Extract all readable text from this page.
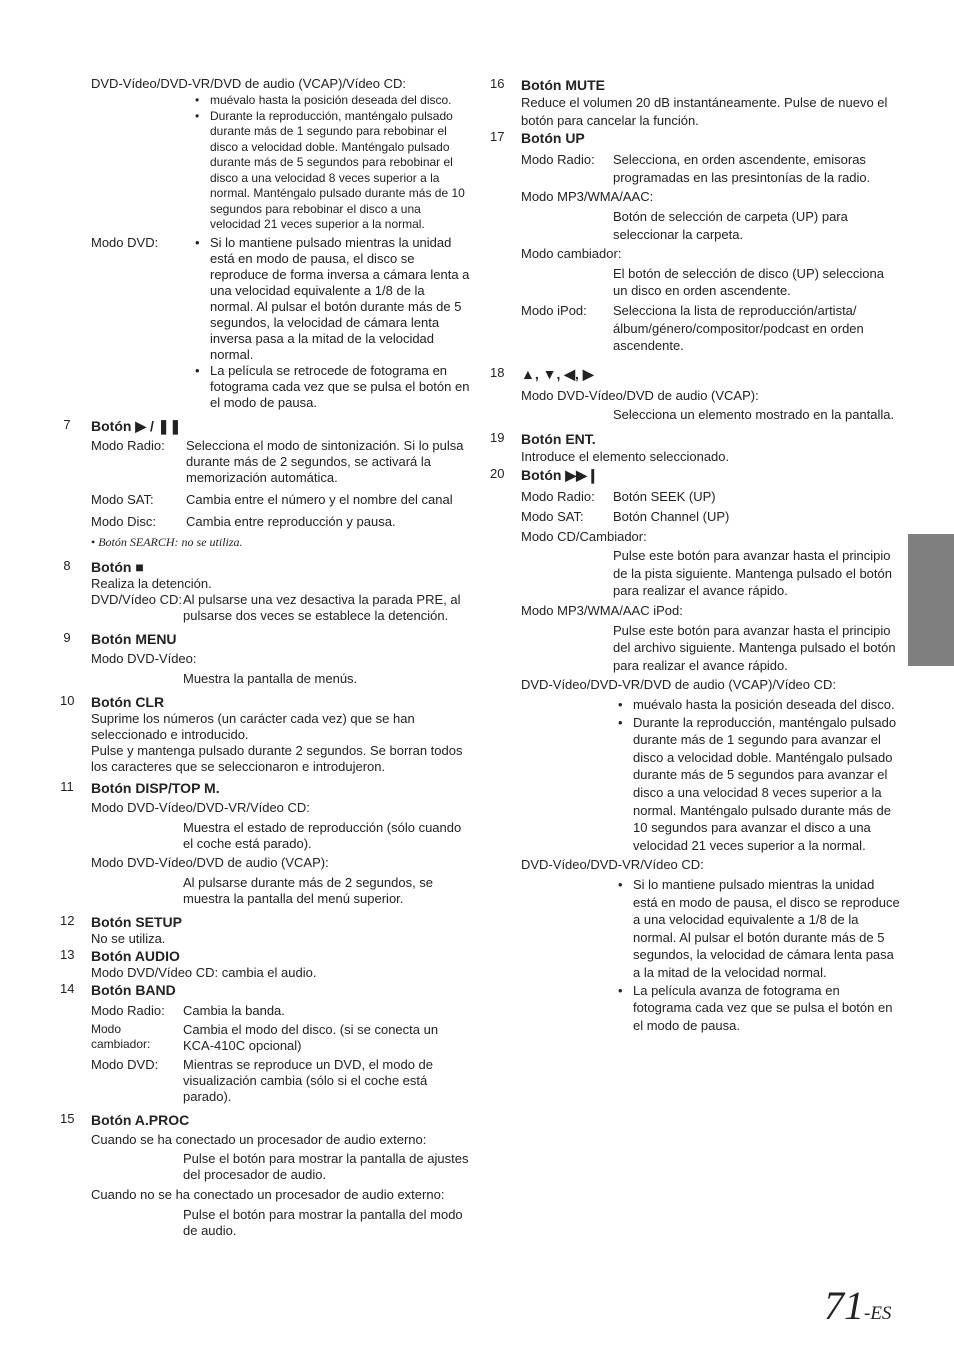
DVD-Vídeo/DVD-VR/DVD de audio (VCAP)/Vídeo CD:
• muévalo hasta la posición deseada del disco.
• Durante la reproducción, manténgalo pulsado durante más de 1 segundo para rebobinar el disco a velocidad doble. Manténgalo pulsado durante más de 5 segundos para rebobinar el disco a una velocidad 8 veces superior a la normal. Manténgalo pulsado durante más de 10 segundos para rebobinar el disco a una velocidad 21 veces superior a la normal.
Modo DVD:
•	Si lo mantiene pulsado mientras la unidad está en modo de pausa, el disco se reproduce de forma inversa a cámara lenta a una velocidad equivalente a 1/8 de la normal. Al pulsar el botón durante más de 5 segundos, la velocidad de cámara lenta inversa pasa a la mitad de la velocidad normal.
• La película se retrocede de fotograma en fotograma cada vez que se pulsa el botón en el modo de pausa.
7 Botón ▶ / ❚❚
Modo Radio:	Selecciona el modo de sintonización. Si lo pulsa durante más de 2 segundos, se activará la memorización automática.
Modo SAT:	Cambia entre el número y el nombre del canal
Modo Disc:	Cambia entre reproducción y pausa.
• Botón SEARCH: no se utiliza.
8 Botón ■
Realiza la detención.
DVD/Vídeo CD: Al pulsarse una vez desactiva la parada PRE, al pulsarse dos veces se establece la detención.
9 Botón MENU
Modo DVD-Vídeo:
Muestra la pantalla de menús.
10 Botón CLR
Suprime los números (un carácter cada vez) que se han seleccionado e introducido.
Pulse y mantenga pulsado durante 2 segundos. Se borran todos los caracteres que se seleccionaron e introdujeron.
11 Botón DISP/TOP M.
Modo DVD-Vídeo/DVD-VR/Vídeo CD:
Muestra el estado de reproducción (sólo cuando el coche está parado).
Modo DVD-Vídeo/DVD de audio (VCAP):
Al pulsarse durante más de 2 segundos, se muestra la pantalla del menú superior.
12 Botón SETUP
No se utiliza.
13 Botón AUDIO
Modo DVD/Vídeo CD: cambia el audio.
14 Botón BAND
Modo Radio:	Cambia la banda.
Modo cambiador:
Cambia el modo del disco. (si se conecta un KCA-410C opcional)
Modo DVD:	Mientras se reproduce un DVD, el modo de visualización cambia (sólo si el coche está parado).
15 Botón A.PROC
Cuando se ha conectado un procesador de audio externo:
Pulse el botón para mostrar la pantalla de ajustes del procesador de audio.
Cuando no se ha conectado un procesador de audio externo:
Pulse el botón para mostrar la pantalla del modo de audio.
16 Botón MUTE
Reduce el volumen 20 dB instantáneamente. Pulse de nuevo el botón para cancelar la función.
17 Botón UP
Modo Radio:	Selecciona, en orden ascendente, emisoras programadas en las presintonías de la radio.
Modo MP3/WMA/AAC:
Botón de selección de carpeta (UP) para seleccionar la carpeta.
Modo cambiador:
El botón de selección de disco (UP) selecciona un disco en orden ascendente.
Modo iPod:	Selecciona la lista de reproducción/artista/álbum/género/compositor/podcast en orden ascendente.
18 ▲, ▼, ◀, ▶
Modo DVD-Vídeo/DVD de audio (VCAP):
Selecciona un elemento mostrado en la pantalla.
19 Botón ENT.
Introduce el elemento seleccionado.
20 Botón ▶▶❙
Modo Radio:	Botón SEEK (UP)
Modo SAT:	Botón Channel (UP)
Modo CD/Cambiador:
Pulse este botón para avanzar hasta el principio de la pista siguiente. Mantenga pulsado el botón para realizar el avance rápido.
Modo MP3/WMA/AAC iPod:
Pulse este botón para avanzar hasta el principio del archivo siguiente. Mantenga pulsado el botón para realizar el avance rápido.
DVD-Vídeo/DVD-VR/DVD de audio (VCAP)/Vídeo CD:
• muévalo hasta la posición deseada del disco.
• Durante la reproducción, manténgalo pulsado durante más de 1 segundo para avanzar el disco a velocidad doble. Manténgalo pulsado durante más de 5 segundos para avanzar el disco a una velocidad 8 veces superior a la normal. Manténgalo pulsado durante más de 10 segundos para avanzar el disco a una velocidad 21 veces superior a la normal.
DVD-Vídeo/DVD-VR/Vídeo CD:
• Si lo mantiene pulsado mientras la unidad está en modo de pausa, el disco se reproduce a una velocidad equivalente a 1/8 de la normal. Al pulsar el botón durante más de 5 segundos, la velocidad de cámara lenta pasa a la mitad de la velocidad normal.
• La película avanza de fotograma en fotograma cada vez que se pulsa el botón en el modo de pausa.
71-ES
